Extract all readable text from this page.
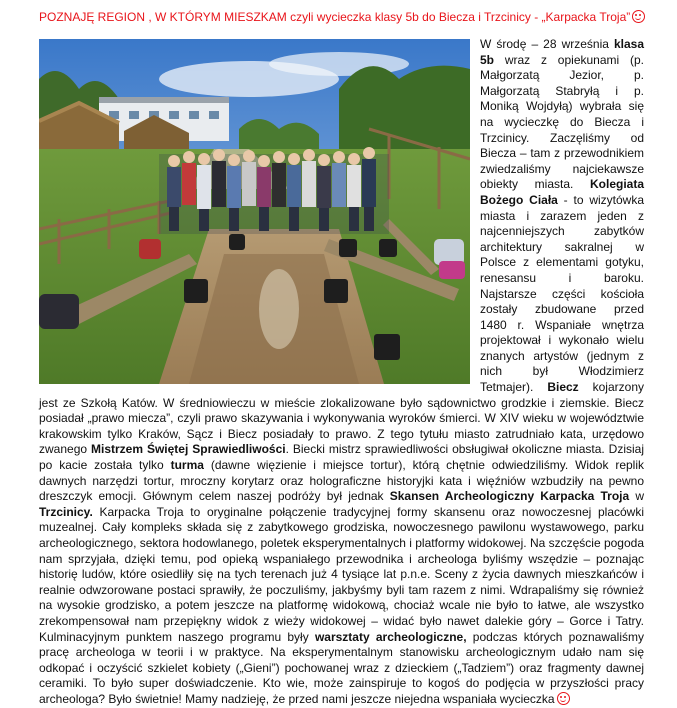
POZNAJĘ REGION , W KTÓRYM MIESZKAM czyli wycieczka klasy 5b do Biecza i Trzcinicy - „Karpacka Troja”
W środę – 28 września klasa 5b wraz z opiekunami (p. Małgorzatą Jezior, p. Małgorzatą Stabryłą i p. Moniką Wojdyłą) wybrała się na wycieczkę do Biecza i Trzcinicy. Zaczęliśmy od Biecza – tam z przewodnikiem zwiedzaliśmy najciekawsze obiekty miasta. Kolegiata Bożego Ciała - to wizytówka miasta i zarazem jeden z najcenniejszych zabytków architektury sakralnej w Polsce z elementami gotyku, renesansu i baroku. Najstarsze części kościoła zostały zbudowane przed 1480 r. Wspaniałe wnętrza projektował i wykonało wielu znanych artystów (jednym z nich był Włodzimierz Tetmajer). Biecz kojarzony jest ze Szkołą Katów. W średniowieczu w mieście zlokalizowane było sądownictwo grodzkie i ziemskie. Biecz posiadał „prawo miecza”, czyli prawo skazywania i wykonywania wyroków śmierci. W XIV wieku w województwie krakowskim tylko Kraków, Sącz i Biecz posiadały to prawo. Z tego tytułu miasto zatrudniało kata, urzędowo zwanego Mistrzem Świętej Sprawiedliwości. Biecki mistrz sprawiedliwości obsługiwał okoliczne miasta. Dzisiaj po kacie została tylko turma (dawne więzienie i miejsce tortur), którą chętnie odwiedziliśmy. Widok replik dawnych narzędzi tortur, mroczny korytarz oraz holograficzne historyjki kata i więźniów wzbudziły na pewno dreszczyk emocji. Głównym celem naszej podróży był jednak Skansen Archeologiczny Karpacka Troja w Trzcinicy. Karpacka Troja to oryginalne połączenie tradycyjnej formy skansenu oraz nowoczesnej placówki muzealnej. Cały kompleks składa się z zabytkowego grodziska, nowoczesnego pawilonu wystawowego, parku archeologicznego, sektora hodowlanego, poletek eksperymentalnych i platformy widokowej. Na szczęście pogoda nam sprzyjała, dzięki temu, pod opieką wspaniałego przewodnika i archeologa byliśmy wszędzie – poznając historię ludów, które osiedliły się na tych terenach już 4 tysiące lat p.n.e. Sceny z życia dawnych mieszkańców i realnie odwzorowane postaci sprawiły, że poczuliśmy, jakbyśmy byli tam razem z nimi. Wdrapaliśmy się również na wysokie grodzisko, a potem jeszcze na platformę widokową, chociaż wcale nie było to łatwe, ale wszystko zrekompensował nam przepiękny widok z wieży widokowej – widać było nawet dalekie góry – Gorce i Tatry. Kulminacyjnym punktem naszego programu były warsztaty archeologiczne, podczas których poznawaliśmy pracę archeologa w teorii i w praktyce. Na eksperymentalnym stanowisku archeologicznym udało nam się odkopać i oczyścić szkielet kobiety („Gieni”) pochowanej wraz z dzieckiem („Tadziem”) oraz fragmenty dawnej ceramiki. To było super doświadczenie. Kto wie, może zainspiruje to kogoś do podjęcia w przyszłości pracy archeologa? Było świetnie! Mamy nadzieję, że przed nami jeszcze niejedna wspaniała wycieczka
